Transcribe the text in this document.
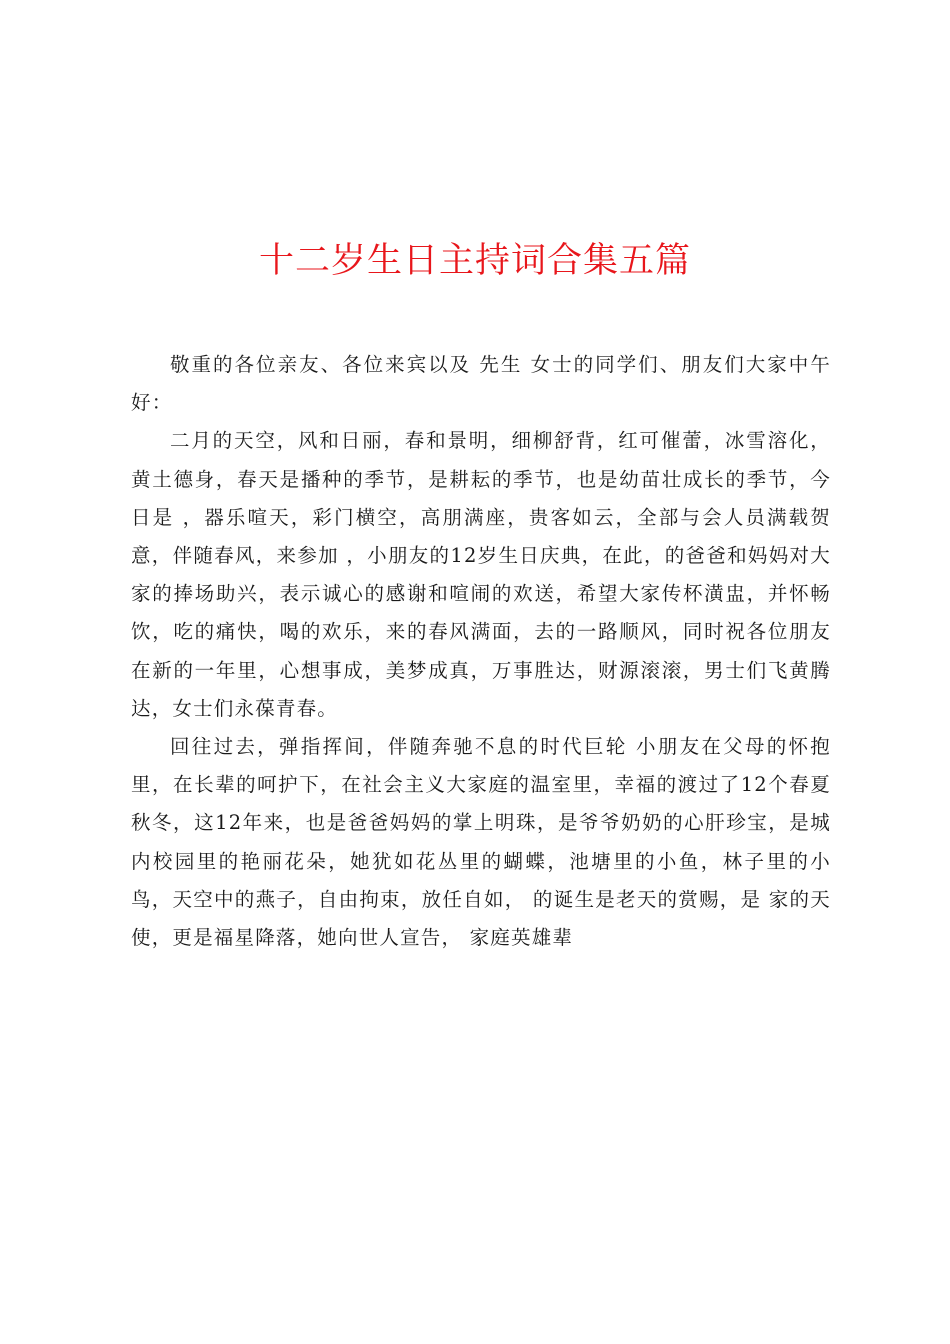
十二岁生日主持词合集五篇

敬重的各位亲友、各位来宾以及 先生 女士的同学们、朋友们大家中午好：

二月的天空，风和日丽，春和景明，细柳舒背，红可催蕾，冰雪溶化，黄土德身，春天是播种的季节，是耕耘的季节，也是幼苗壮成长的季节，今日是 ，器乐喧天，彩门横空，高朋满座，贵客如云，全部与会人员满载贺意，伴随春风，来参加 ，小朋友的12岁生日庆典，在此，的爸爸和妈妈对大家的捧场助兴，表示诚心的感谢和喧闹的欢送，希望大家传杯潢盅，并怀畅饮，吃的痛快，喝的欢乐，来的春风满面，去的一路顺风，同时祝各位朋友在新的一年里，心想事成，美梦成真，万事胜达，财源滚滚，男士们飞黄腾达，女士们永葆青春。

回往过去，弹指挥间，伴随奔驰不息的时代巨轮 小朋友在父母的怀抱里，在长辈的呵护下，在社会主义大家庭的温室里，幸福的渡过了12个春夏秋冬，这12年来，也是爸爸妈妈的掌上明珠，是爷爷奶奶的心肝珍宝，是城内校园里的艳丽花朵，她犹如花丛里的蝴蝶，池塘里的小鱼，林子里的小鸟，天空中的燕子，自由拘束，放任自如， 的诞生是老天的赏赐，是 家的天使，更是福星降落，她向世人宣告， 家庭英雄辈
